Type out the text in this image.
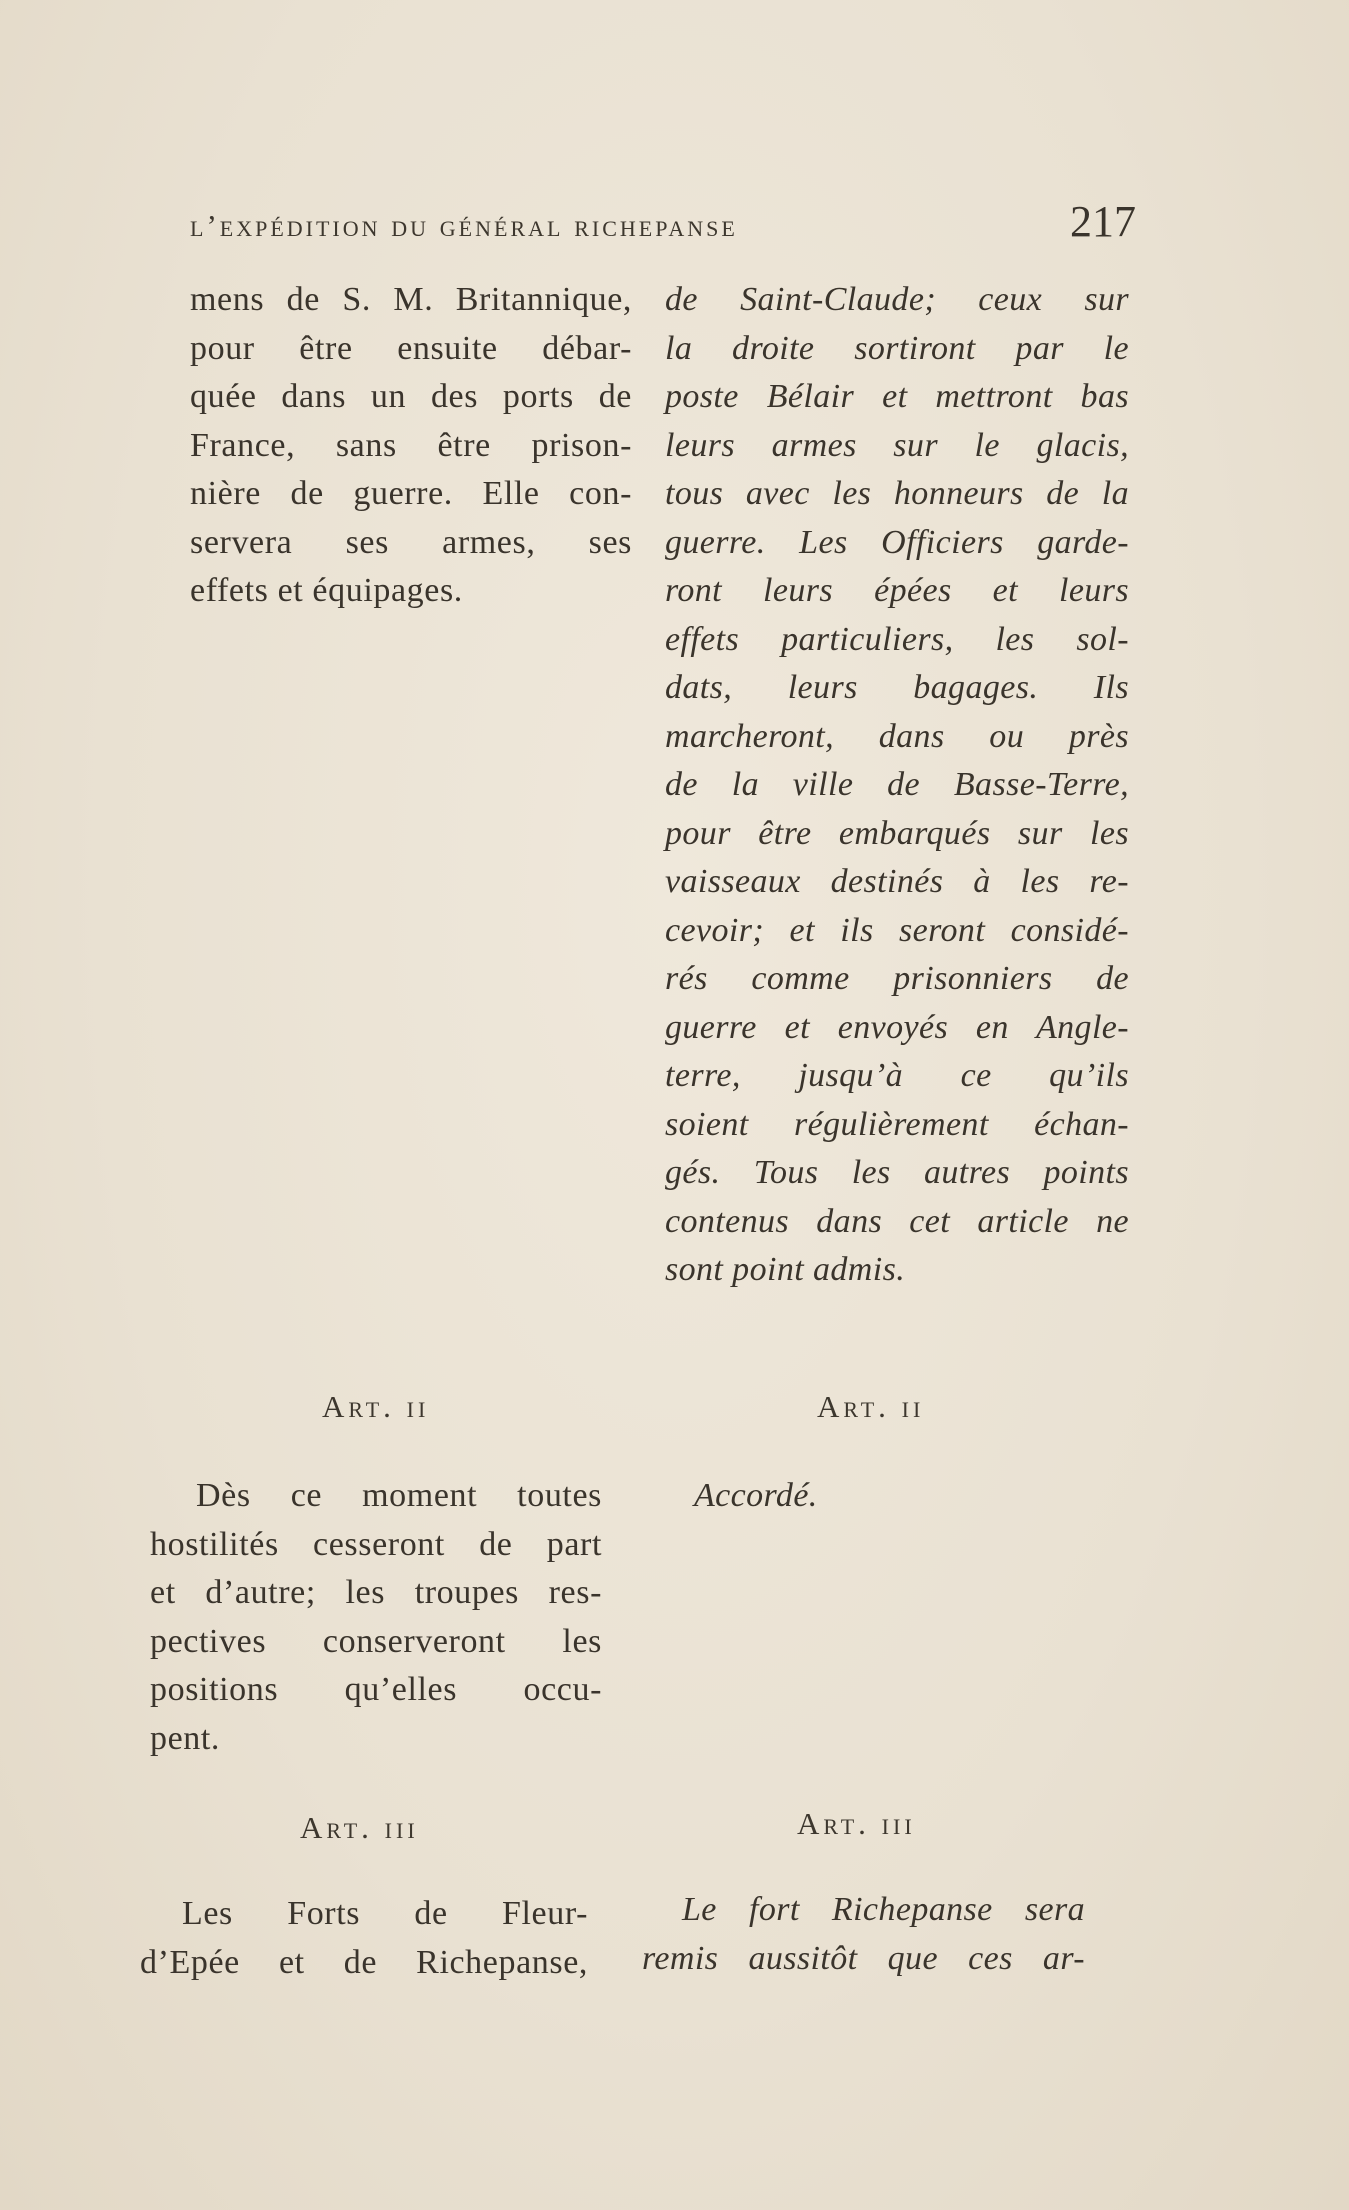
l’expédition du général richepanse	217
mens de S. M. Britannique,
pour être ensuite débar-
quée dans un des ports de
France, sans être prison-
nière de guerre. Elle con-
servera ses armes, ses
effets et équipages.
de Saint-Claude; ceux sur
la droite sortiront par le
poste Bélair et mettront bas
leurs armes sur le glacis,
tous avec les honneurs de la
guerre. Les Officiers garde-
ront leurs épées et leurs
effets particuliers, les sol-
dats, leurs bagages. Ils
marcheront, dans ou près
de la ville de Basse-Terre,
pour être embarqués sur les
vaisseaux destinés à les re-
cevoir; et ils seront considé-
rés comme prisonniers de
guerre et envoyés en Angle-
terre, jusqu’à ce qu’ils
soient régulièrement échan-
gés. Tous les autres points
contenus dans cet article ne
sont point admis.
Art. ii	Art. ii
Dès ce moment toutes
hostilités cesseront de part
et d’autre; les troupes res-
pectives conserveront les
positions qu’elles occu-
pent.
Accordé.
Art. iii	Art. iii
Les Forts de Fleur-
d’Epée et de Richepanse,
Le fort Richepanse sera
remis aussitôt que ces ar-
